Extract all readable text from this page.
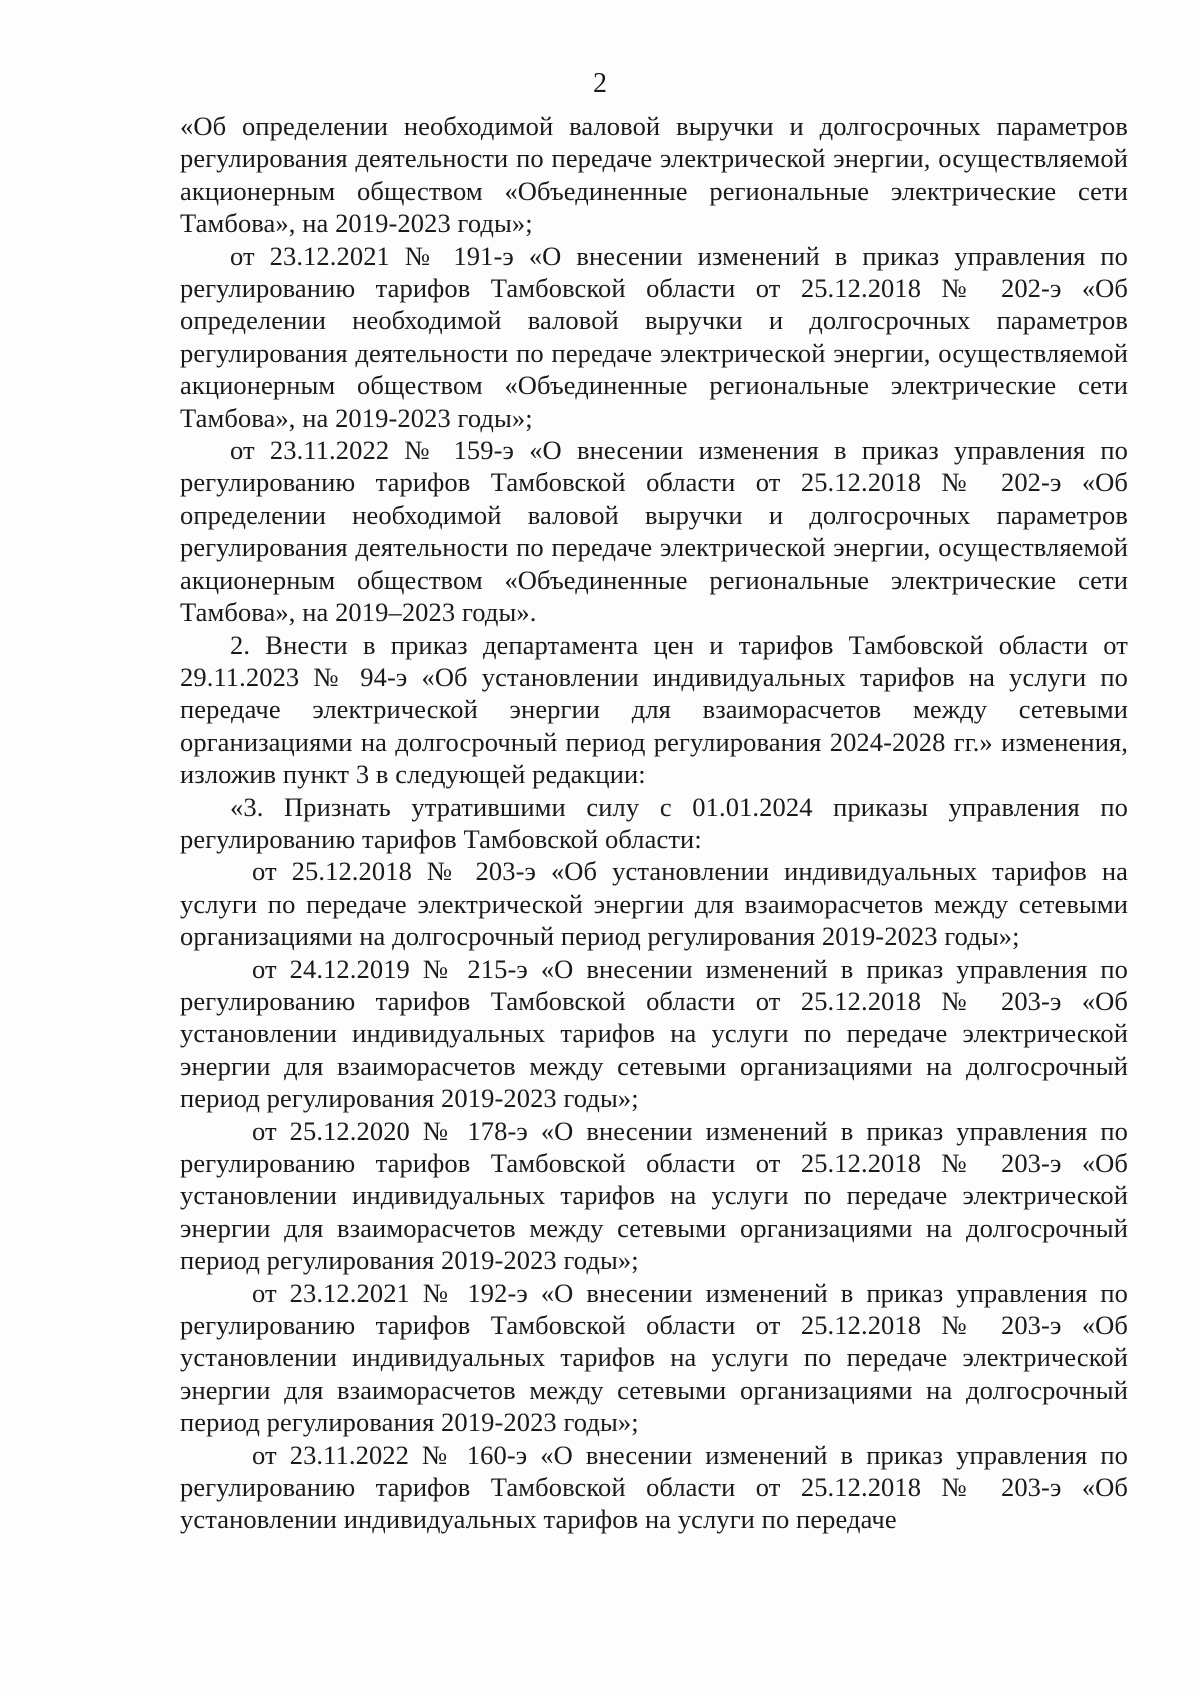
2

«Об определении необходимой валовой выручки и долгосрочных параметров регулирования деятельности по передаче электрической энергии, осуществляемой акционерным обществом «Объединенные региональные электрические сети Тамбова», на 2019-2023 годы»;

от 23.12.2021 № 191-э «О внесении изменений в приказ управления по регулированию тарифов Тамбовской области от 25.12.2018 № 202-э «Об определении необходимой валовой выручки и долгосрочных параметров регулирования деятельности по передаче электрической энергии, осуществляемой акционерным обществом «Объединенные региональные электрические сети Тамбова», на 2019-2023 годы»;

от 23.11.2022 № 159-э «О внесении изменения в приказ управления по регулированию тарифов Тамбовской области от 25.12.2018 № 202-э «Об определении необходимой валовой выручки и долгосрочных параметров регулирования деятельности по передаче электрической энергии, осуществляемой акционерным обществом «Объединенные региональные электрические сети Тамбова», на 2019–2023 годы».

2. Внести в приказ департамента цен и тарифов Тамбовской области от 29.11.2023 № 94-э «Об установлении индивидуальных тарифов на услуги по передаче электрической энергии для взаиморасчетов между сетевыми организациями на долгосрочный период регулирования 2024-2028 гг.» изменения, изложив пункт 3 в следующей редакции:

«3. Признать утратившими силу с 01.01.2024 приказы управления по регулированию тарифов Тамбовской области:

от 25.12.2018 № 203-э «Об установлении индивидуальных тарифов на услуги по передаче электрической энергии для взаиморасчетов между сетевыми организациями на долгосрочный период регулирования 2019-2023 годы»;

от 24.12.2019 № 215-э «О внесении изменений в приказ управления по регулированию тарифов Тамбовской области от 25.12.2018 № 203-э «Об установлении индивидуальных тарифов на услуги по передаче электрической энергии для взаиморасчетов между сетевыми организациями на долгосрочный период регулирования 2019-2023 годы»;

от 25.12.2020 № 178-э «О внесении изменений в приказ управления по регулированию тарифов Тамбовской области от 25.12.2018 № 203-э «Об установлении индивидуальных тарифов на услуги по передаче электрической энергии для взаиморасчетов между сетевыми организациями на долгосрочный период регулирования 2019-2023 годы»;

от 23.12.2021 № 192-э «О внесении изменений в приказ управления по регулированию тарифов Тамбовской области от 25.12.2018 № 203-э «Об установлении индивидуальных тарифов на услуги по передаче электрической энергии для взаиморасчетов между сетевыми организациями на долгосрочный период регулирования 2019-2023 годы»;

от 23.11.2022 № 160-э «О внесении изменений в приказ управления по регулированию тарифов Тамбовской области от 25.12.2018 № 203-э «Об установлении индивидуальных тарифов на услуги по передаче
